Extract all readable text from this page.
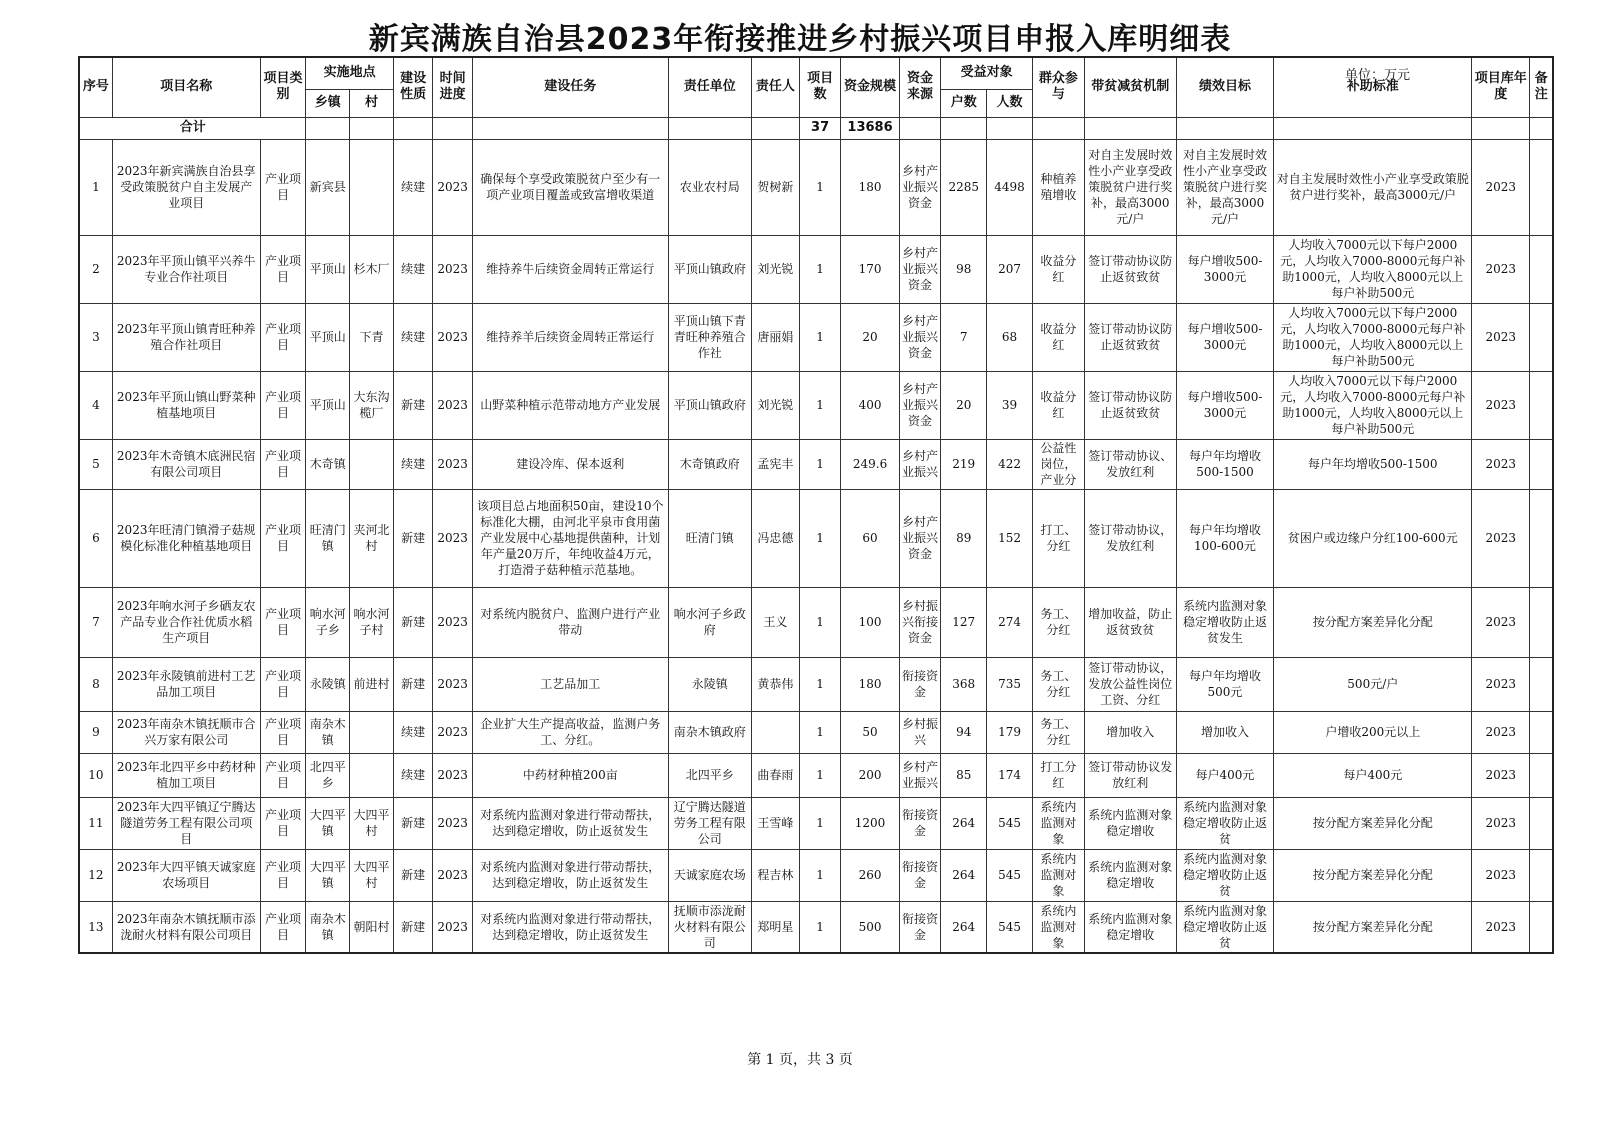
新宾满族自治县2023年衔接推进乡村振兴项目申报入库明细表
单位：万元
序号	项目名称	项目类别	实施地点		建设性质	时间进度	建设任务	责任单位	责任人	项目数	资金规模	资金来源	受益对象		群众参与	带贫减贫机制	绩效目标	补助标准	项目库年度	备注
			乡镇	村									户数	人数						
合计										37	13686									
1	2023年新宾满族自治县享受政策脱贫户自主发展产业项目	产业项目	新宾县		续建	2023	确保每个享受政策脱贫户至少有一项产业项目覆盖或致富增收渠道	农业农村局	贺树新	1	180	乡村产业振兴资金	2285	4498	种植养殖增收	对自主发展时效性小产业享受政策脱贫户进行奖补，最高3000元/户	对自主发展时效性小产业享受政策脱贫户进行奖补，最高3000元/户	对自主发展时效性小产业享受政策脱贫户进行奖补，最高3000元/户	2023	
2	2023年平顶山镇平兴养牛专业合作社项目	产业项目	平顶山	杉木厂	续建	2023	维持养牛后续资金周转正常运行	平顶山镇政府	刘光锐	1	170	乡村产业振兴资金	98	207	收益分红	签订带动协议防止返贫致贫	每户增收500-3000元	人均收入7000元以下每户2000元，人均收入7000-8000元每户补助1000元，人均收入8000元以上每户补助500元	2023	
3	2023年平顶山镇青旺种养殖合作社项目	产业项目	平顶山	下青	续建	2023	维持养羊后续资金周转正常运行	平顶山镇下青青旺种养殖合作社	唐丽娟	1	20	乡村产业振兴资金	7	68	收益分红	签订带动协议防止返贫致贫	每户增收500-3000元	人均收入7000元以下每户2000元，人均收入7000-8000元每户补助1000元，人均收入8000元以上每户补助500元	2023	
4	2023年平顶山镇山野菜种植基地项目	产业项目	平顶山	大东沟榄厂	新建	2023	山野菜种植示范带动地方产业发展	平顶山镇政府	刘光锐	1	400	乡村产业振兴资金	20	39	收益分红	签订带动协议防止返贫致贫	每户增收500-3000元	人均收入7000元以下每户2000元，人均收入7000-8000元每户补助1000元，人均收入8000元以上每户补助500元	2023	
5	2023年木奇镇木底洲民宿有限公司项目	产业项目	木奇镇		续建	2023	建设冷库、保本返利	木奇镇政府	孟宪丰	1	249.6	乡村产业振兴	219	422	公益性岗位，产业分	签订带动协议、发放红利	每户年均增收500-1500	每户年均增收500-1500	2023	
6	2023年旺清门镇滑子菇规模化标准化种植基地项目	产业项目	旺清门镇	夹河北村	新建	2023	该项目总占地面积50亩，建设10个标准化大棚，由河北平泉市食用菌产业发展中心基地提供菌种，计划年产量20万斤，年纯收益4万元，打造滑子菇种植示范基地。	旺清门镇	冯忠德	1	60	乡村产业振兴资金	89	152	打工、分红	签订带动协议，发放红利	每户年均增收100-600元	贫困户或边缘户分红100-600元	2023	
7	2023年响水河子乡硒友农产品专业合作社优质水稻生产项目	产业项目	响水河子乡	响水河子村	新建	2023	对系统内脱贫户、监测户进行产业带动	响水河子乡政府	王义	1	100	乡村振兴衔接资金	127	274	务工、分红	增加收益，防止返贫致贫	系统内监测对象稳定增收防止返贫发生	按分配方案差异化分配	2023	
8	2023年永陵镇前进村工艺品加工项目	产业项目	永陵镇	前进村	新建	2023	工艺品加工	永陵镇	黄恭伟	1	180	衔接资金	368	735	务工、分红	签订带动协议，发放公益性岗位工资、分红	每户年均增收500元	500元/户	2023	
9	2023年南杂木镇抚顺市合兴万家有限公司	产业项目	南杂木镇		续建	2023	企业扩大生产提高收益，监测户务工、分红。	南杂木镇政府		1	50	乡村振兴	94	179	务工、分红	增加收入	增加收入	户增收200元以上	2023	
10	2023年北四平乡中药材种植加工项目	产业项目	北四平乡		续建	2023	中药材种植200亩	北四平乡	曲春雨	1	200	乡村产业振兴	85	174	打工分红	签订带动协议发放红利	每户400元	每户400元	2023	
11	2023年大四平镇辽宁腾达隧道劳务工程有限公司项目	产业项目	大四平镇	大四平村	新建	2023	对系统内监测对象进行带动帮扶，达到稳定增收，防止返贫发生	辽宁腾达隧道劳务工程有限公司	王雪峰	1	1200	衔接资金	264	545	系统内监测对象	系统内监测对象稳定增收	系统内监测对象稳定增收防止返贫	按分配方案差异化分配	2023	
12	2023年大四平镇天诚家庭农场项目	产业项目	大四平镇	大四平村	新建	2023	对系统内监测对象进行带动帮扶，达到稳定增收，防止返贫发生	天诚家庭农场	程吉林	1	260	衔接资金	264	545	系统内监测对象	系统内监测对象稳定增收	系统内监测对象稳定增收防止返贫	按分配方案差异化分配	2023	
13	2023年南杂木镇抚顺市添泷耐火材料有限公司项目	产业项目	南杂木镇	朝阳村	新建	2023	对系统内监测对象进行带动帮扶，达到稳定增收，防止返贫发生	抚顺市添泷耐火材料有限公司	郑明星	1	500	衔接资金	264	545	系统内监测对象	系统内监测对象稳定增收	系统内监测对象稳定增收防止返贫	按分配方案差异化分配	2023	
第 1 页，共 3 页
